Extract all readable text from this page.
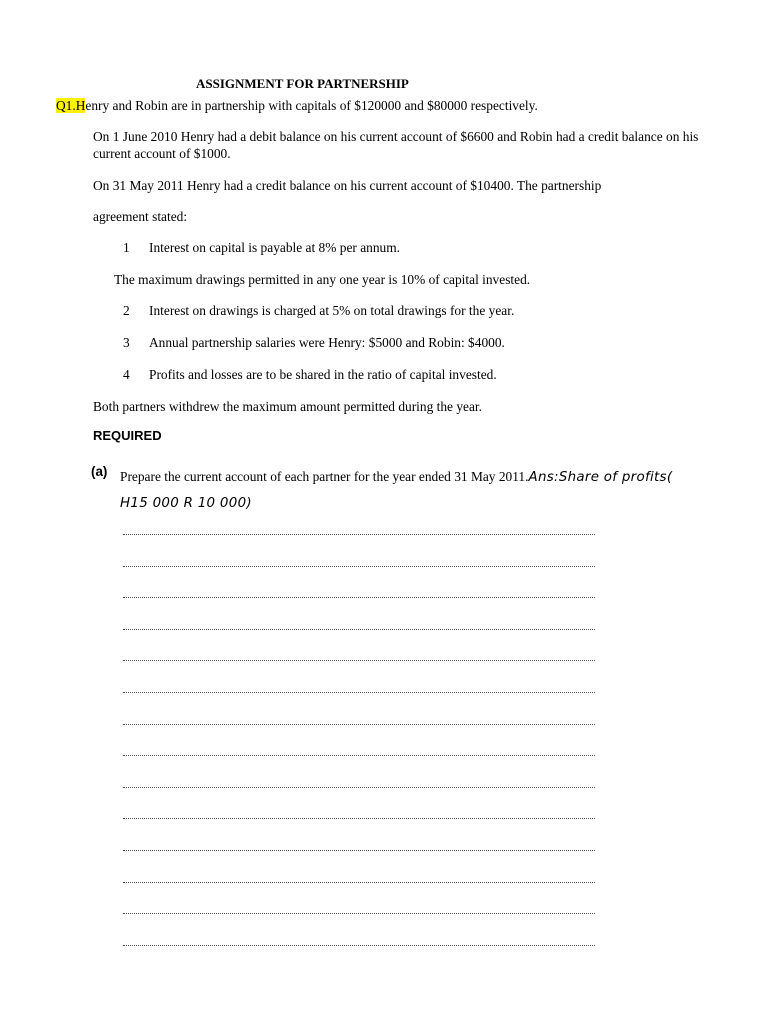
ASSIGNMENT FOR PARTNERSHIP
Q1.Henry and Robin are in partnership with capitals of $120000 and $80000 respectively.
On 1 June 2010 Henry had a debit balance on his current account of $6600 and Robin had a credit balance on his current account of $1000.
On 31 May 2011 Henry had a credit balance on his current account of $10400. The partnership
agreement stated:
1 Interest on capital is payable at 8% per annum.
The maximum drawings permitted in any one year is 10% of capital invested.
2 Interest on drawings is charged at 5% on total drawings for the year.
3 Annual partnership salaries were Henry: $5000 and Robin: $4000.
4 Profits and losses are to be shared in the ratio of capital invested.
Both partners withdrew the maximum amount permitted during the year.
REQUIRED
(a) Prepare the current account of each partner for the year ended 31 May 2011.Ans:Share of profits( H15 000 R 10 000)
